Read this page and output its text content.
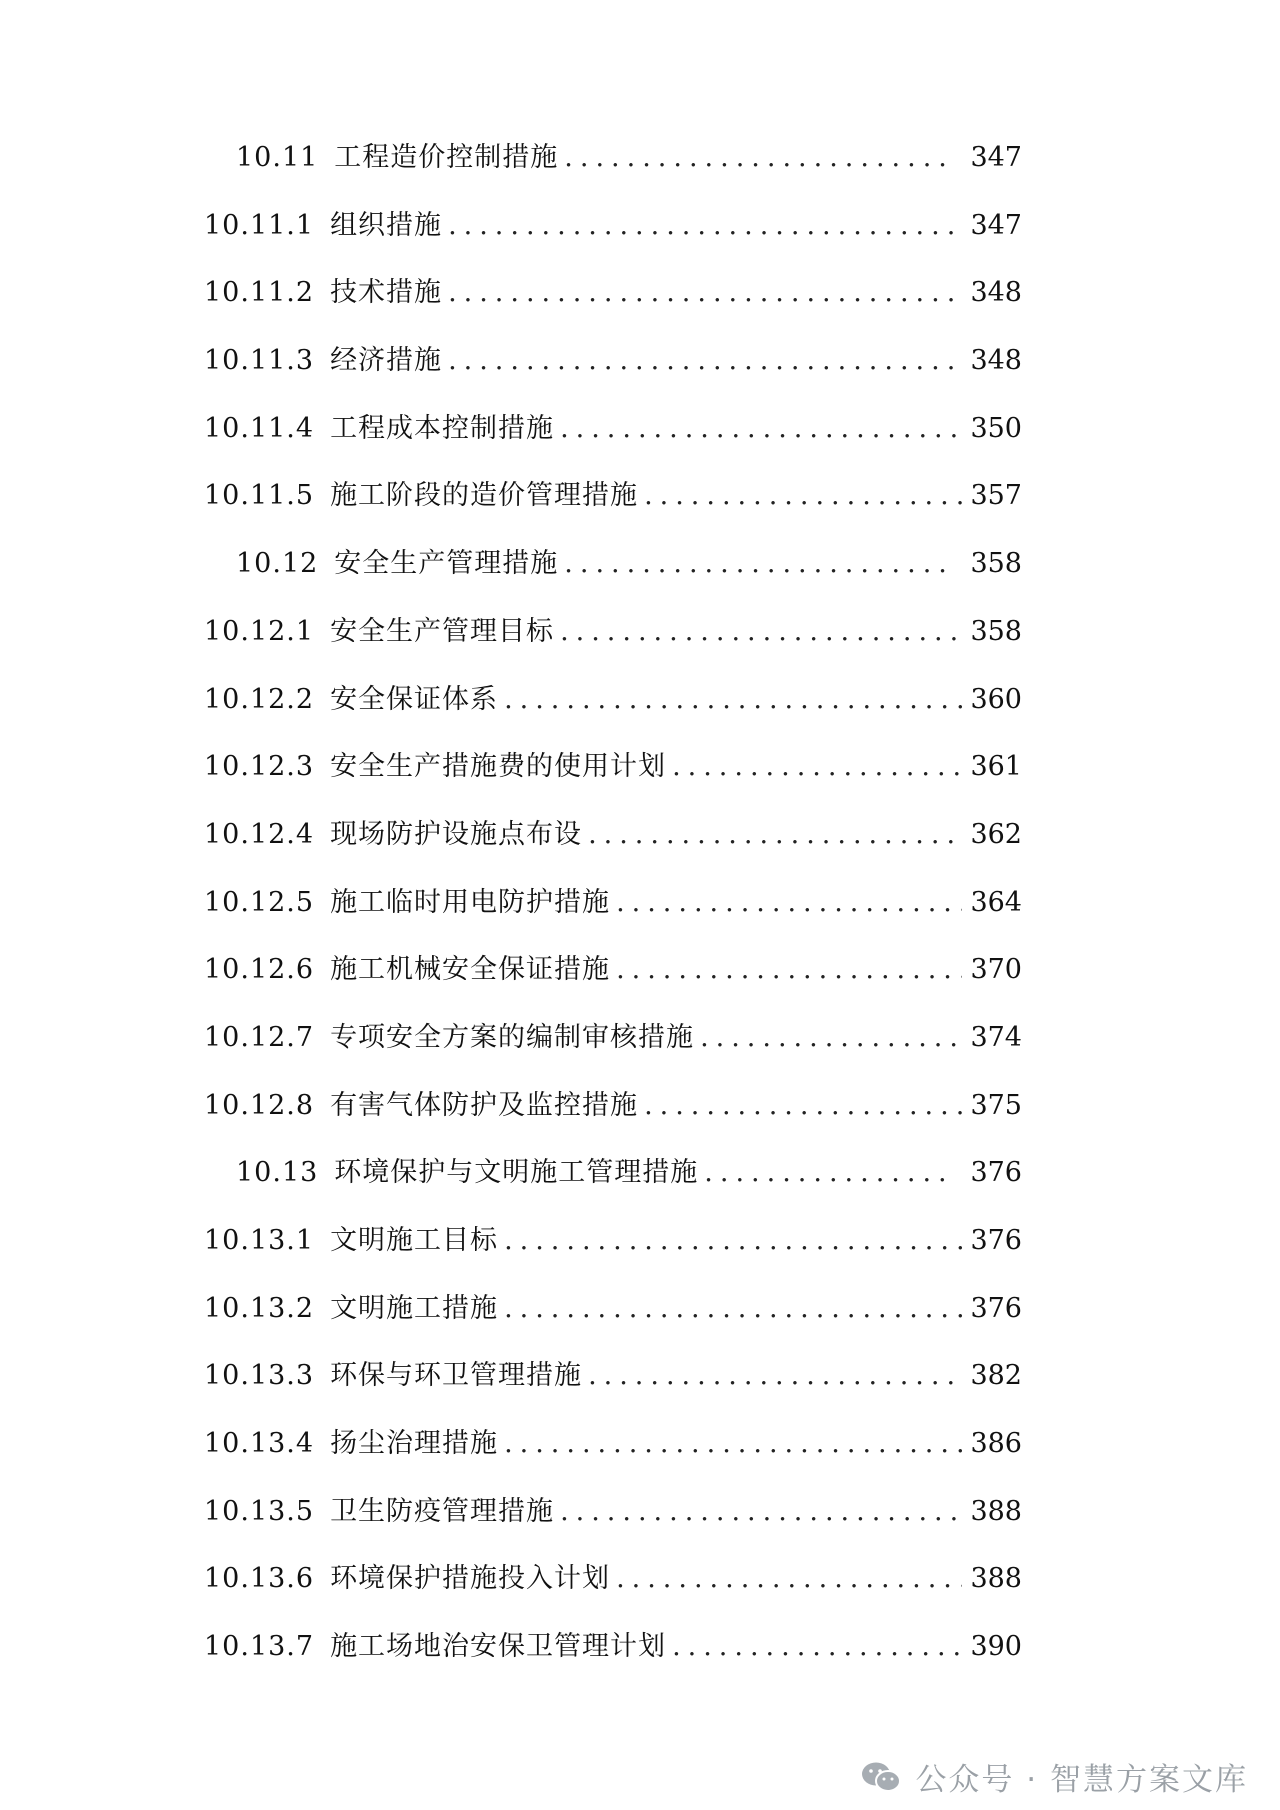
10.11 工程造价控制措施 .....	347
10.11.1 组织措施 .....	347
10.11.2 技术措施 .....	348
10.11.3 经济措施 .....	348
10.11.4 工程成本控制措施 .....	350
10.11.5 施工阶段的造价管理措施 .....	357
10.12 安全生产管理措施 .....	358
10.12.1 安全生产管理目标 .....	358
10.12.2 安全保证体系 .....	360
10.12.3 安全生产措施费的使用计划 .....	361
10.12.4 现场防护设施点布设 .....	362
10.12.5 施工临时用电防护措施 .....	364
10.12.6 施工机械安全保证措施 .....	370
10.12.7 专项安全方案的编制审核措施 .....	374
10.12.8 有害气体防护及监控措施 .....	375
10.13 环境保护与文明施工管理措施 .....	376
10.13.1 文明施工目标 .....	376
10.13.2 文明施工措施 .....	376
10.13.3 环保与环卫管理措施 .....	382
10.13.4 扬尘治理措施 .....	386
10.13.5 卫生防疫管理措施 .....	388
10.13.6 环境保护措施投入计划 .....	388
10.13.7 施工场地治安保卫管理计划 .....	390
公众号 · 智慧方案文库
